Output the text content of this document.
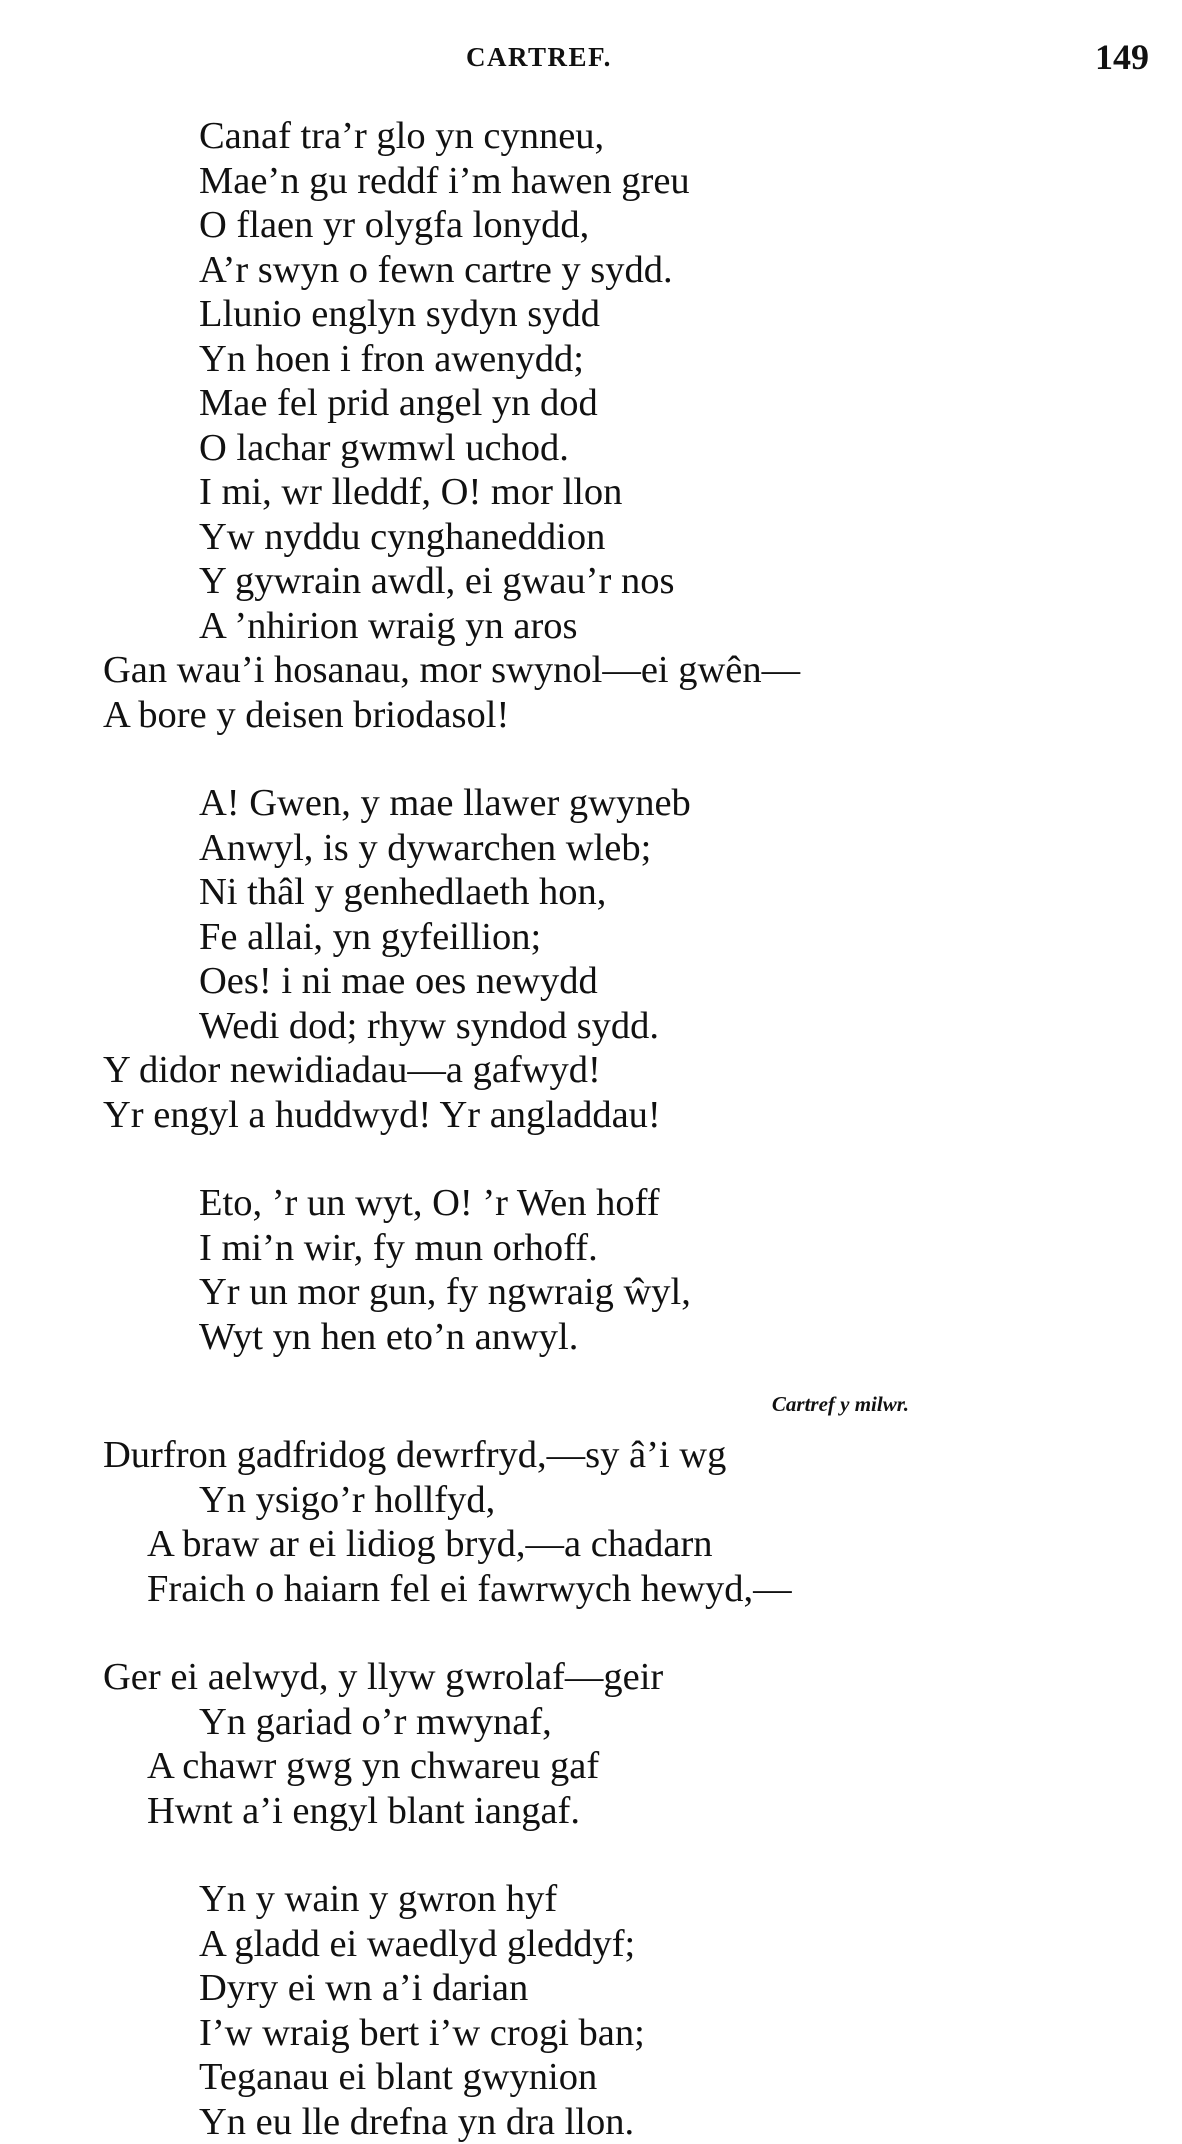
CARTREF.	149
Canaf tra’r glo yn cynneu,
Mae’n gu reddf i’m hawen greu
O flaen yr olygfa lonydd,
A’r swyn o fewn cartre y sydd.
Llunio englyn sydyn sydd
Yn hoen i fron awenydd;
Mae fel prid angel yn dod
O lachar gwmwl uchod.
I mi, wr lleddf, O! mor llon
Yw nyddu cynghaneddion
Y gywrain awdl, ei gwau’r nos
A ’nhirion wraig yn aros
Gan wau’i hosanau, mor swynol—ei gwên—
A bore y deisen briodasol!
A! Gwen, y mae llawer gwyneb
Anwyl, is y dywarchen wleb;
Ni thâl y genhedlaeth hon,
Fe allai, yn gyfeillion;
Oes! i ni mae oes newydd
Wedi dod; rhyw syndod sydd.
Y didor newidiadau—a gafwyd!
Yr engyl a huddwyd! Yr angladdau!
Eto, ’r un wyt, O! ’r Wen hoff
I mi’n wir, fy mun orhoff.
Yr un mor gun, fy ngwraig ŵyl,
Wyt yn hen eto’n anwyl.
Cartref y milwr.
Durfron gadfridog dewrfryd,—sy â’i wg
Yn ysigo’r hollfyd,
A braw ar ei lidiog bryd,—a chadarn
Fraich o haiarn fel ei fawrwych hewyd,—
Ger ei aelwyd, y llyw gwrolaf—geir
Yn gariad o’r mwynaf,
A chawr gwg yn chwareu gaf
Hwnt a’i engyl blant iangaf.
Yn y wain y gwron hyf
A gladd ei waedlyd gleddyf;
Dyry ei wn a’i darian
I’w wraig bert i’w crogi ban;
Teganau ei blant gwynion
Yn eu lle drefna yn dra llon.
